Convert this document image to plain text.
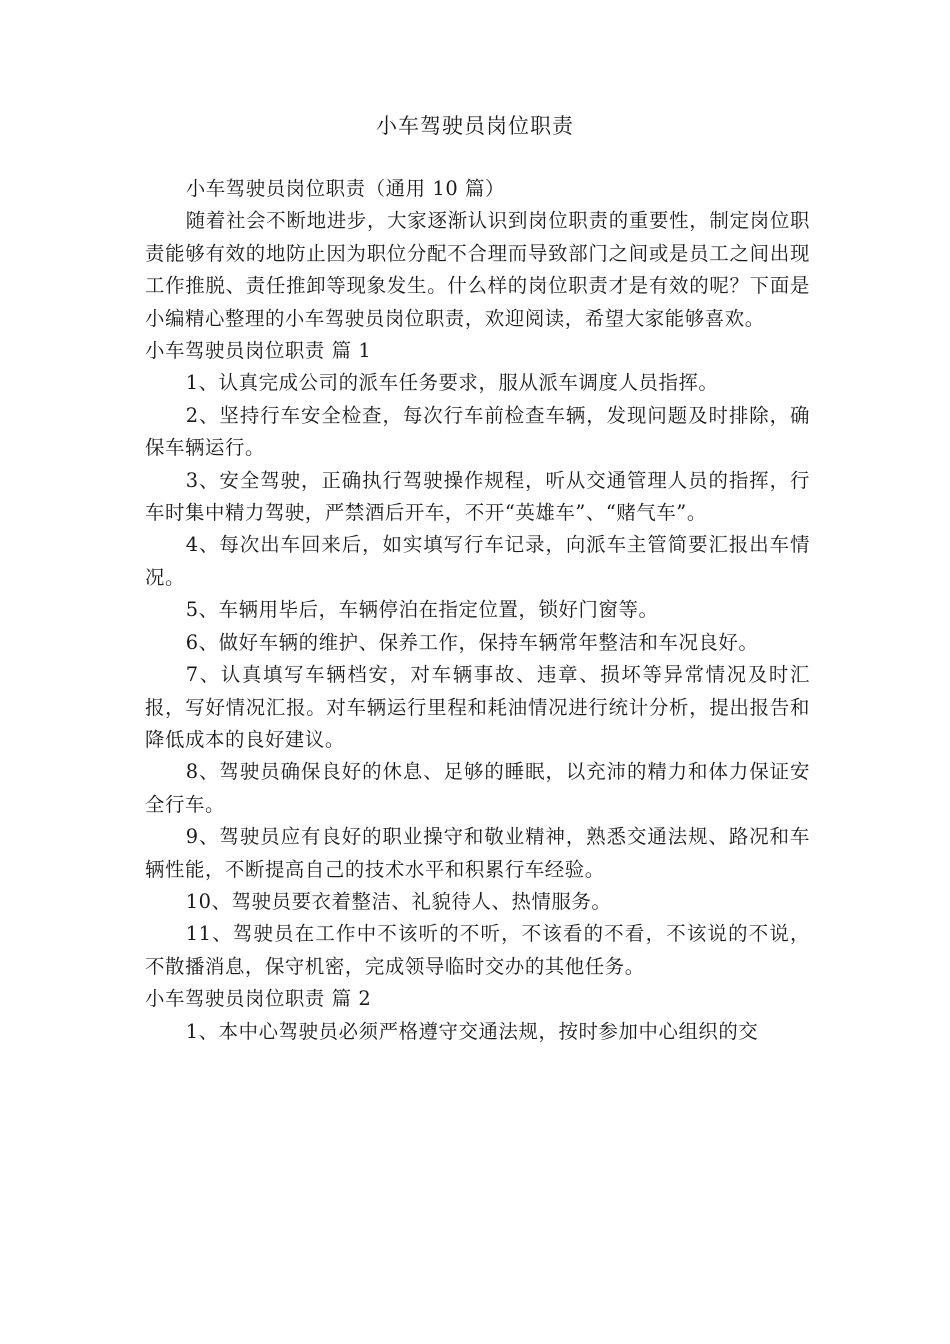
小车驾驶员岗位职责

小车驾驶员岗位职责（通用 10 篇）

随着社会不断地进步，大家逐渐认识到岗位职责的重要性，制定岗位职责能够有效的地防止因为职位分配不合理而导致部门之间或是员工之间出现工作推脱、责任推卸等现象发生。什么样的岗位职责才是有效的呢？下面是小编精心整理的小车驾驶员岗位职责，欢迎阅读，希望大家能够喜欢。

小车驾驶员岗位职责 篇 1

1、认真完成公司的派车任务要求，服从派车调度人员指挥。

2、坚持行车安全检查，每次行车前检查车辆，发现问题及时排除，确保车辆运行。

3、安全驾驶，正确执行驾驶操作规程，听从交通管理人员的指挥，行车时集中精力驾驶，严禁酒后开车，不开“英雄车”、“赌气车”。

4、每次出车回来后，如实填写行车记录，向派车主管简要汇报出车情况。

5、车辆用毕后，车辆停泊在指定位置，锁好门窗等。

6、做好车辆的维护、保养工作，保持车辆常年整洁和车况良好。

7、认真填写车辆档安，对车辆事故、违章、损坏等异常情况及时汇报，写好情况汇报。对车辆运行里程和耗油情况进行统计分析，提出报告和降低成本的良好建议。

8、驾驶员确保良好的休息、足够的睡眠，以充沛的精力和体力保证安全行车。

9、驾驶员应有良好的职业操守和敬业精神，熟悉交通法规、路况和车辆性能，不断提高自己的技术水平和积累行车经验。

10、驾驶员要衣着整洁、礼貌待人、热情服务。

11、驾驶员在工作中不该听的不听，不该看的不看，不该说的不说，不散播消息，保守机密，完成领导临时交办的其他任务。

小车驾驶员岗位职责 篇 2

1、本中心驾驶员必须严格遵守交通法规，按时参加中心组织的交
